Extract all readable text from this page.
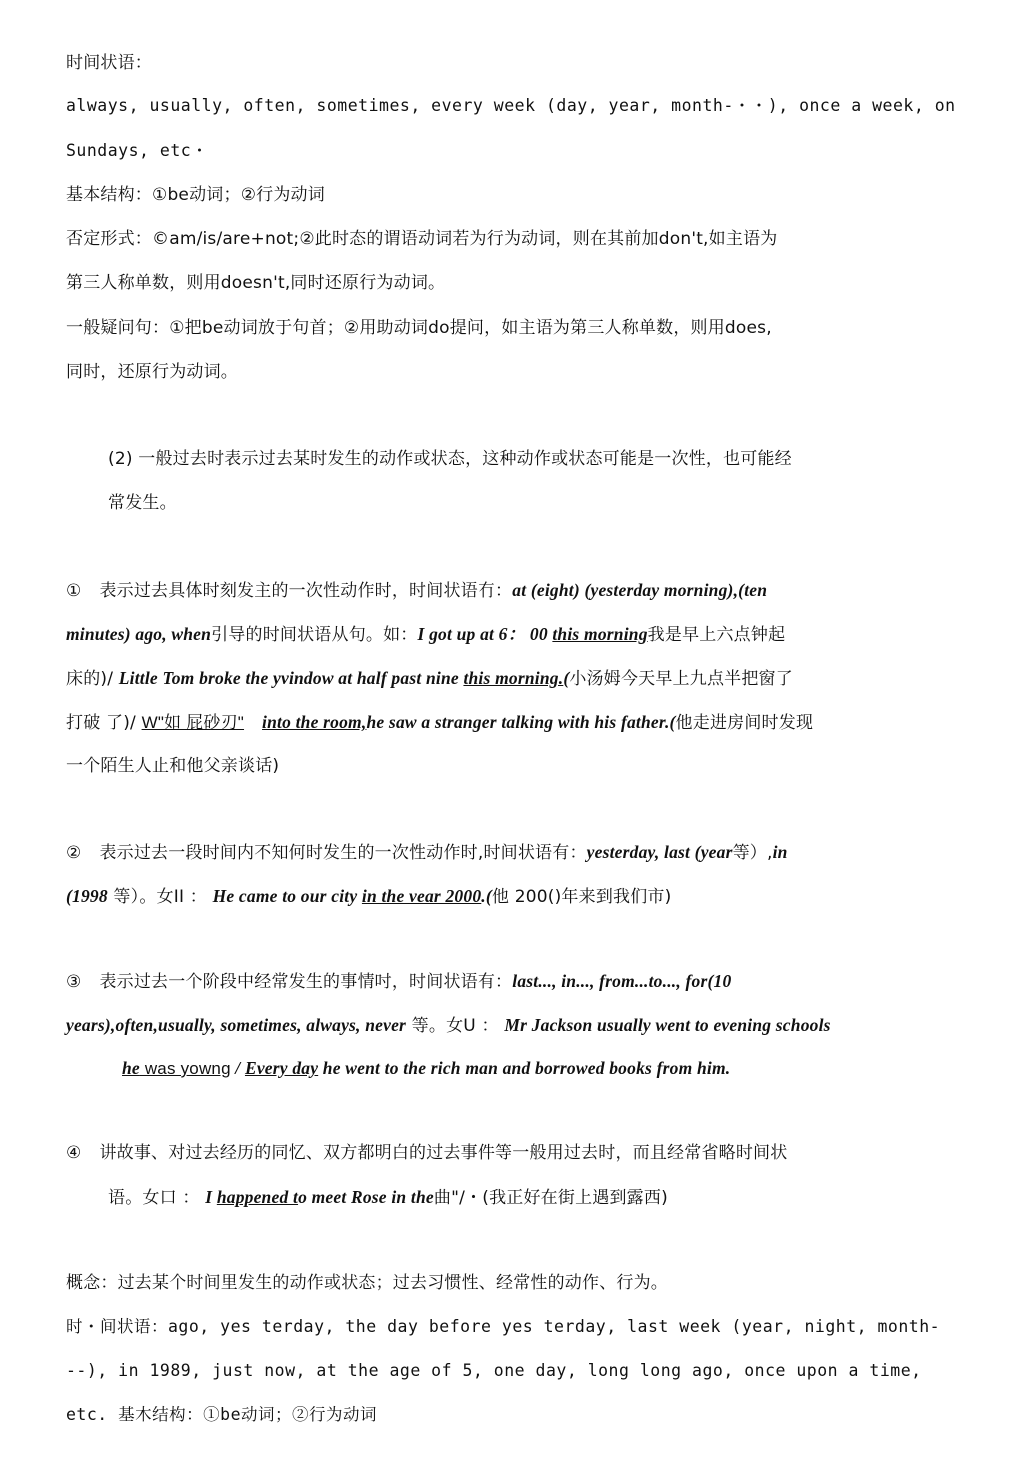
时间状语：
always, usually, often, sometimes, every week (day, year, month-・・), once a week, on
Sundays, etc・
基本结构：①be动词；②行为动词
否定形式：©am/is/are+not;②此时态的谓语动词若为行为动词，则在其前加don't,如主语为
第三人称单数，则用doesn't,同时还原行为动词。
一般疑问句：①把be动词放于句首；②用助动词do提问，如主语为第三人称单数，则用does,
同时，还原行为动词。
(2) 一般过去时表示过去某时发生的动作或状态，这种动作或状态可能是一次性，也可能经
常发生。
① 表示过去具体时刻发主的一次性动作时，时间状语冇：at (eight) (yesterday morning),(ten
minutes) ago, when引导的时间状语从句。如：I got up at 6： 00 this morning我是早上六点钟起
床的)/ Little Tom broke the yvindow at half past nine this morning.(小汤姆今天早上九点半把窗了
打破 了)/ W"如 屁砂刃" into the room,he saw a stranger talking with his father.(他走进房间时发现
一个陌生人止和他父亲谈话)
② 表示过去一段时间内不知何时发生的一次性动作时,时间状语有：yesterday, last (year等）,in
(1998 等）。女II ： He came to our city in the vear 2000.(他 200()年来到我们市)
③ 表示过去一个阶段中经常发生的事情吋，时间状语有：last..., in..., from...to..., for(10
years),often,usually, sometimes, always, never 等。女U ： Mr Jackson usually went to evening schools
he was yowng / Every day he went to the rich man and borrowed books from him.
④ 讲故事、对过去经历的同忆、双方都明白的过去事件等一般用过去时，而且经常省略时间状
语。女口 ： I happened to meet Rose in the曲"/・(我正好在街上遇到露西)
概念：过去某个时间里发生的动作或状态；过去习惯性、经常性的动作、行为。
时・间状语：ago, yes terday, the day before yes terday, last week (year, night, month-
--), in 1989, just now, at the age of 5, one day, long long ago, once upon a time,
etc. 基木结构：①be动词；②行为动词
